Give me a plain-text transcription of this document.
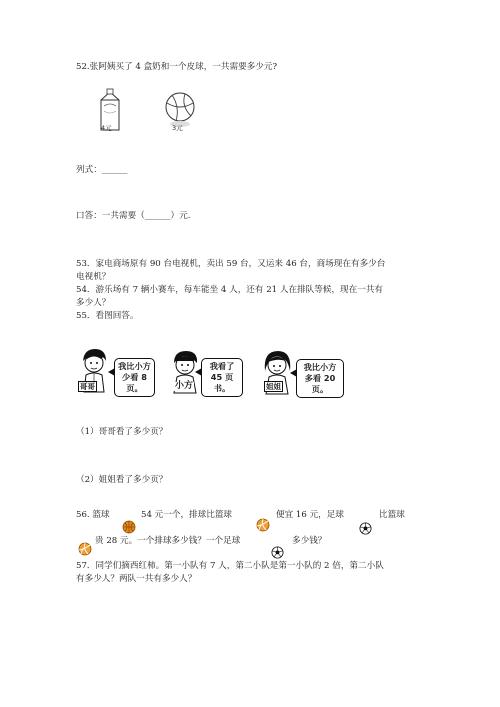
52.张阿姨买了 4 盒奶和一个皮球，一共需要多少元?

4元	3元

列式：______

口答：一共需要（______）元.

53．家电商场原有 90 台电视机，卖出 59 台，又运来 46 台，商场现在有多少台

电视机？

54．游乐场有 7 辆小赛车，每车能坐 4 人，还有 21 人在排队等候，现在一共有

多少人？

55．看图回答。

哥哥
我比小方
少看 8 页。	小方
我看了
45 页书。	姐姐
我比小方
多看 20 页。

（1）哥哥看了多少页？

（2）姐姐看了多少页？

56. 篮球	54 元一个，排球比篮球	便宜 16 元，足球	比篮球

贵 28 元。一个排球多少钱？一个足球	多少钱？

57．同学们摘西红柿。第一小队有 7 人，第二小队是第一小队的 2 倍，第二小队

有多少人？两队一共有多少人？
